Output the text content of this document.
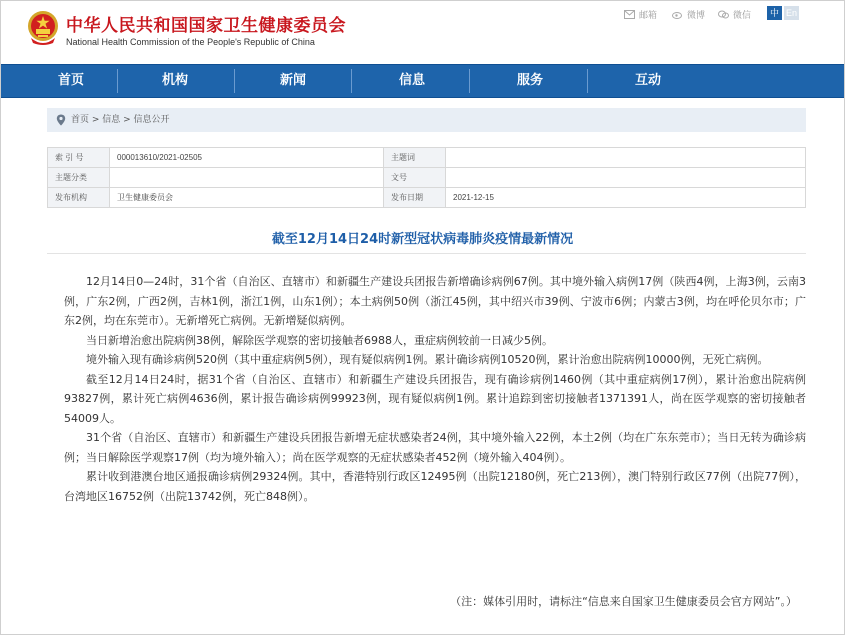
中华人民共和国国家卫生健康委员会
National Health Commission of the People's Republic of China
邮箱	微博	微信	中 En
首页	机构	新闻	信息	服务	互动
首页 > 信息 > 信息公开
索 引 号	000013610/2021-02505	主题词	
主题分类		文号	
发布机构	卫生健康委员会	发布日期	2021-12-15
截至12月14日24时新型冠状病毒肺炎疫情最新情况

12月14日0—24时，31个省（自治区、直辖市）和新疆生产建设兵团报告新增确诊病例67例。其中境外输入病例17例（陕西4例，上海3例，云南3例，广东2例，广西2例，吉林1例，浙江1例，山东1例）；本土病例50例（浙江45例，其中绍兴市39例、宁波市6例；内蒙古3例，均在呼伦贝尔市；广东2例，均在东莞市）。无新增死亡病例。无新增疑似病例。

当日新增治愈出院病例38例，解除医学观察的密切接触者6988人，重症病例较前一日减少5例。

境外输入现有确诊病例520例（其中重症病例5例），现有疑似病例1例。累计确诊病例10520例，累计治愈出院病例10000例，无死亡病例。

截至12月14日24时，据31个省（自治区、直辖市）和新疆生产建设兵团报告，现有确诊病例1460例（其中重症病例17例），累计治愈出院病例93827例，累计死亡病例4636例，累计报告确诊病例99923例，现有疑似病例1例。累计追踪到密切接触者1371391人，尚在医学观察的密切接触者54009人。

31个省（自治区、直辖市）和新疆生产建设兵团报告新增无症状感染者24例，其中境外输入22例，本土2例（均在广东东莞市）；当日无转为确诊病例；当日解除医学观察17例（均为境外输入）；尚在医学观察的无症状感染者452例（境外输入404例）。

累计收到港澳台地区通报确诊病例29324例。其中，香港特别行政区12495例（出院12180例，死亡213例），澳门特别行政区77例（出院77例），台湾地区16752例（出院13742例，死亡848例）。

（注：媒体引用时，请标注“信息来自国家卫生健康委员会官方网站”。）
